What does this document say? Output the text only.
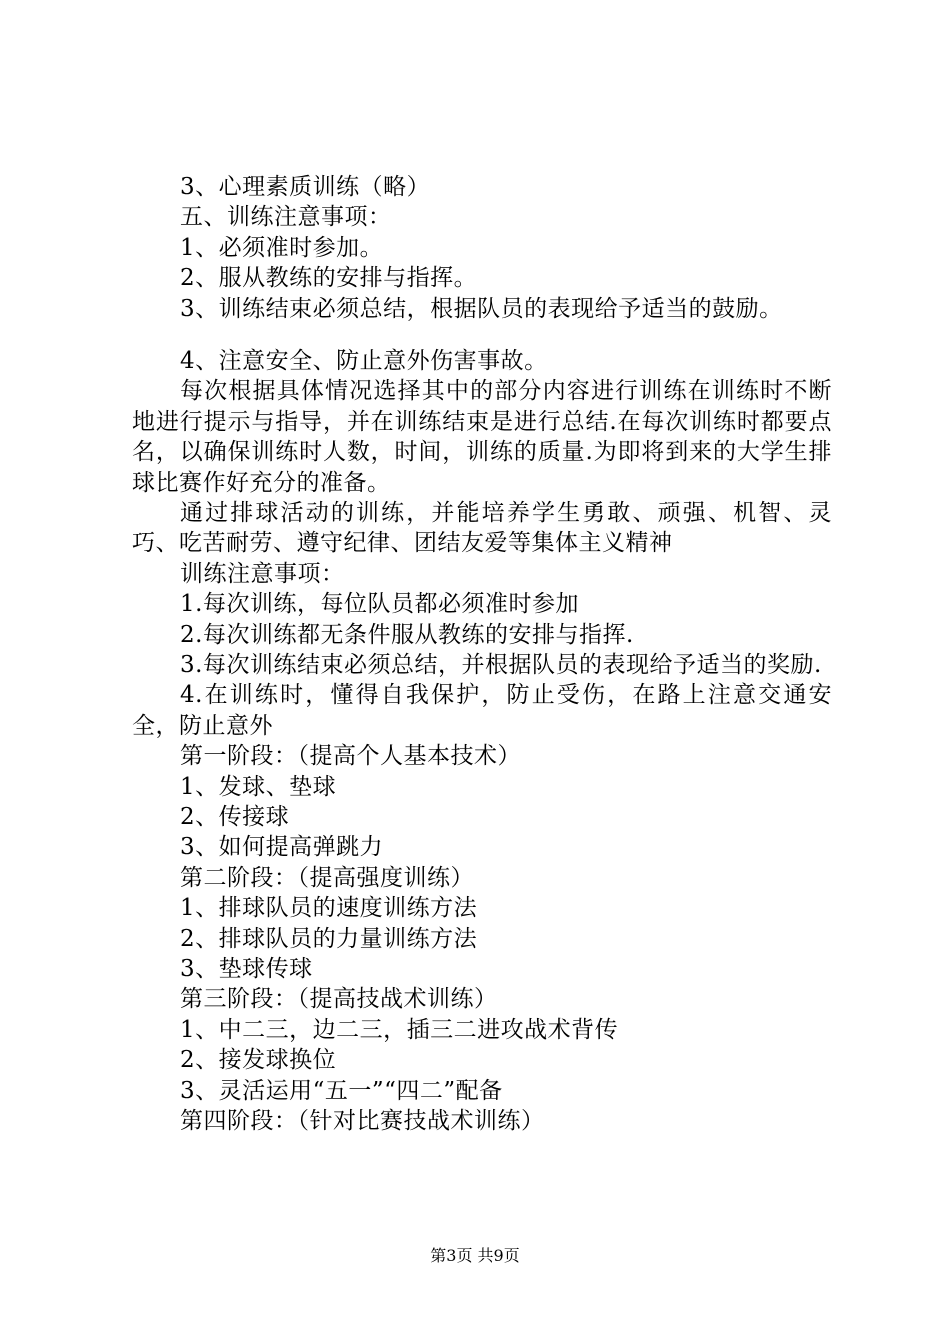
3、心理素质训练（略）

五、训练注意事项：

1、必须准时参加。

2、服从教练的安排与指挥。

3、训练结束必须总结，根据队员的表现给予适当的鼓励。

4、注意安全、防止意外伤害事故。

每次根据具体情况选择其中的部分内容进行训练在训练时不断地进行提示与指导，并在训练结束是进行总结.在每次训练时都要点名，以确保训练时人数，时间，训练的质量.为即将到来的大学生排球比赛作好充分的准备。

通过排球活动的训练，并能培养学生勇敢、顽强、机智、灵巧、吃苦耐劳、遵守纪律、团结友爱等集体主义精神

训练注意事项：

1.每次训练，每位队员都必须准时参加

2.每次训练都无条件服从教练的安排与指挥.

3.每次训练结束必须总结，并根据队员的表现给予适当的奖励.

4.在训练时，懂得自我保护，防止受伤，在路上注意交通安全，防止意外

第一阶段：（提高个人基本技术）

1、发球、垫球

2、传接球

3、如何提高弹跳力

第二阶段：（提高强度训练）

1、排球队员的速度训练方法

2、排球队员的力量训练方法

3、垫球传球

第三阶段：（提高技战术训练）

1、中二三，边二三，插三二进攻战术背传

2、接发球换位

3、灵活运用“五一”“四二”配备

第四阶段：（针对比赛技战术训练）

第3页 共9页
